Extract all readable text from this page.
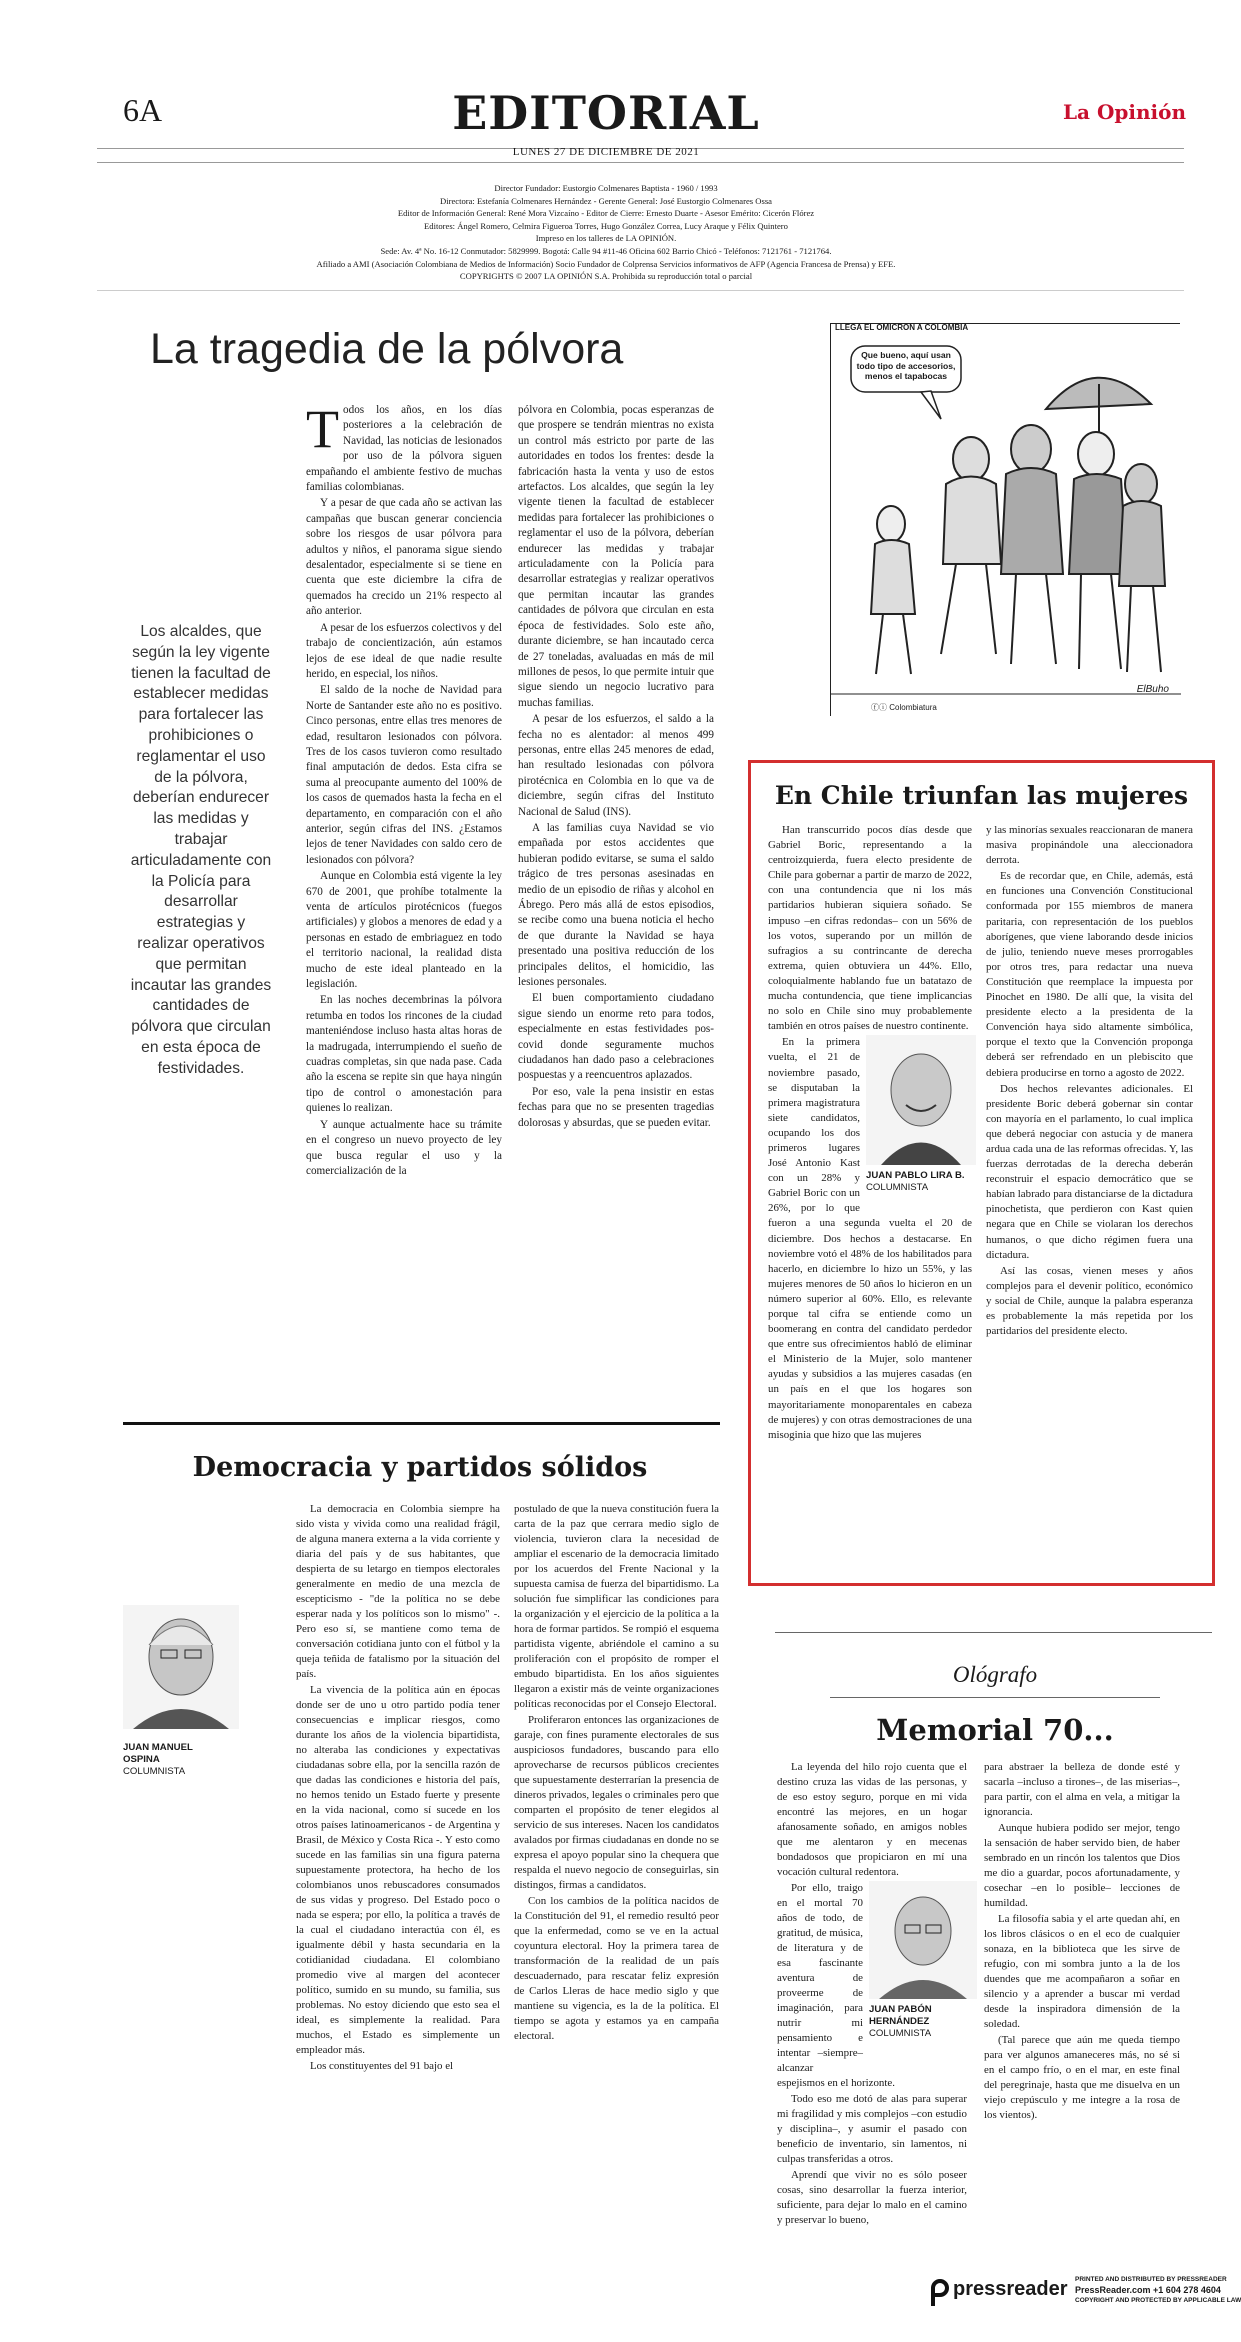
6A	EDITORIAL	La Opinión
LUNES 27 DE DICIEMBRE DE 2021
Director Fundador: Eustorgio Colmenares Baptista - 1960 / 1993
Directora: Estefanía Colmenares Hernández - Gerente General: José Eustorgio Colmenares Ossa
Editor de Información General: René Mora Vizcaíno - Editor de Cierre: Ernesto Duarte - Asesor Emérito: Cicerón Flórez
Editores: Ángel Romero, Celmira Figueroa Torres, Hugo González Correa, Lucy Araque y Félix Quintero
Impreso en los talleres de LA OPINIÓN.
Sede: Av. 4ª No. 16-12 Conmutador: 5829999. Bogotá: Calle 94 #11-46 Oficina 602 Barrio Chicó - Teléfonos: 7121761 - 7121764.
Afiliado a AMI (Asociación Colombiana de Medios de Información) Socio Fundador de Colprensa Servicios informativos de AFP (Agencia Francesa de Prensa) y EFE.
COPYRIGHTS © 2007 LA OPINIÓN S.A. Prohibida su reproducción total o parcial
La tragedia de la pólvora
Los alcaldes, que según la ley vigente tienen la facultad de establecer medidas para fortalecer las prohibiciones o reglamentar el uso de la pólvora, deberían endurecer las medidas y trabajar articuladamente con la Policía para desarrollar estrategias y realizar operativos que permitan incautar las grandes cantidades de pólvora que circulan en esta época de festividades.

Todos los años, en los días posteriores a la celebración de Navidad, las noticias de lesionados por uso de la pólvora siguen empañando el ambiente festivo de muchas familias colombianas.

Y a pesar de que cada año se activan las campañas que buscan generar conciencia sobre los riesgos de usar pólvora para adultos y niños, el panorama sigue siendo desalentador, especialmente si se tiene en cuenta que este diciembre la cifra de quemados ha crecido un 21% respecto al año anterior.

A pesar de los esfuerzos colectivos y del trabajo de concientización, aún estamos lejos de ese ideal de que nadie resulte herido, en especial, los niños.

El saldo de la noche de Navidad para Norte de Santander este año no es positivo. Cinco personas, entre ellas tres menores de edad, resultaron lesionados con pólvora. Tres de los casos tuvieron como resultado final amputación de dedos. Esta cifra se suma al preocupante aumento del 100% de los casos de quemados hasta la fecha en el departamento, en comparación con el año anterior, según cifras del INS. ¿Estamos lejos de tener Navidades con saldo cero de lesionados con pólvora?

Aunque en Colombia está vigente la ley 670 de 2001, que prohíbe totalmente la venta de artículos pirotécnicos (fuegos artificiales) y globos a menores de edad y a personas en estado de embriaguez en todo el territorio nacional, la realidad dista mucho de este ideal planteado en la legislación.

En las noches decembrinas la pólvora retumba en todos los rincones de la ciudad manteniéndose incluso hasta altas horas de la madrugada, interrumpiendo el sueño de cuadras completas, sin que nada pase. Cada año la escena se repite sin que haya ningún tipo de control o amonestación para quienes lo realizan.

Y aunque actualmente hace su trámite en el congreso un nuevo proyecto de ley que busca regular el uso y la comercialización de la

pólvora en Colombia, pocas esperanzas de que prospere se tendrán mientras no exista un control más estricto por parte de las autoridades en todos los frentes: desde la fabricación hasta la venta y uso de estos artefactos. Los alcaldes, que según la ley vigente tienen la facultad de establecer medidas para fortalecer las prohibiciones o reglamentar el uso de la pólvora, deberían endurecer las medidas y trabajar articuladamente con la Policía para desarrollar estrategias y realizar operativos que permitan incautar las grandes cantidades de pólvora que circulan en esta época de festividades. Solo este año, durante diciembre, se han incautado cerca de 27 toneladas, avaluadas en más de mil millones de pesos, lo que permite intuir que sigue siendo un negocio lucrativo para muchas familias.

A pesar de los esfuerzos, el saldo a la fecha no es alentador: al menos 499 personas, entre ellas 245 menores de edad, han resultado lesionadas con pólvora pirotécnica en Colombia en lo que va de diciembre, según cifras del Instituto Nacional de Salud (INS).

A las familias cuya Navidad se vio empañada por estos accidentes que hubieran podido evitarse, se suma el saldo trágico de tres personas asesinadas en medio de un episodio de riñas y alcohol en Ábrego. Pero más allá de estos episodios, se recibe como una buena noticia el hecho de que durante la Navidad se haya presentado una positiva reducción de los principales delitos, el homicidio, las lesiones personales.

El buen comportamiento ciudadano sigue siendo un enorme reto para todos, especialmente en estas festividades pos-covid donde seguramente muchos ciudadanos han dado paso a celebraciones pospuestas y a reencuentros aplazados.

Por eso, vale la pena insistir en estas fechas para que no se presenten tragedias dolorosas y absurdas, que se pueden evitar.

LLEGA EL OMICRON A COLOMBIA
Que bueno, aquí usan todo tipo de accesorios, menos el tapabocas
ElBuho
ⓕⓘ Colombiatura
En Chile triunfan las mujeres

Han transcurrido pocos días desde que Gabriel Boric, representando a la centroizquierda, fuera electo presidente de Chile para gobernar a partir de marzo de 2022, con una contundencia que ni los más partidarios hubieran siquiera soñado. Se impuso –en cifras redondas– con un 56% de los votos, superando por un millón de sufragios a su contrincante de derecha extrema, quien obtuviera un 44%. Ello, coloquialmente hablando fue un batatazo de mucha contundencia, que tiene implicancias no solo en Chile sino muy probablemente también en otros países de nuestro continente.

JUAN PABLO LIRA B.
COLUMNISTA

En la primera vuelta, el 21 de noviembre pasado, se disputaban la primera magistratura siete candidatos, ocupando los dos primeros lugares José Antonio Kast con un 28% y Gabriel Boric con un 26%, por lo que fueron a una segunda vuelta el 20 de diciembre. Dos hechos a destacarse. En noviembre votó el 48% de los habilitados para hacerlo, en diciembre lo hizo un 55%, y las mujeres menores de 50 años lo hicieron en un número superior al 60%. Ello, es relevante porque tal cifra se entiende como un boomerang en contra del candidato perdedor que entre sus ofrecimientos habló de eliminar el Ministerio de la Mujer, solo mantener ayudas y subsidios a las mujeres casadas (en un país en el que los hogares son mayoritariamente monoparentales en cabeza de mujeres) y con otras demostraciones de una misoginia que hizo que las mujeres

y las minorías sexuales reaccionaran de manera masiva propinándole una aleccionadora derrota.

Es de recordar que, en Chile, además, está en funciones una Convención Constitucional conformada por 155 miembros de manera paritaria, con representación de los pueblos aborígenes, que viene laborando desde inicios de julio, teniendo nueve meses prorrogables por otros tres, para redactar una nueva Constitución que reemplace la impuesta por Pinochet en 1980. De allí que, la visita del presidente electo a la presidenta de la Convención haya sido altamente simbólica, porque el texto que la Convención proponga deberá ser refrendado en un plebiscito que debiera producirse en torno a agosto de 2022.

Dos hechos relevantes adicionales. El presidente Boric deberá gobernar sin contar con mayoría en el parlamento, lo cual implica que deberá negociar con astucia y de manera ardua cada una de las reformas ofrecidas. Y, las fuerzas derrotadas de la derecha deberán reconstruir el espacio democrático que se habían labrado para distanciarse de la dictadura pinochetista, que perdieron con Kast quien negara que en Chile se violaran los derechos humanos, o que dicho régimen fuera una dictadura.

Así las cosas, vienen meses y años complejos para el devenir político, económico y social de Chile, aunque la palabra esperanza es probablemente la más repetida por los partidarios del presidente electo.

Democracia y partidos sólidos
JUAN MANUEL
OSPINA
COLUMNISTA

La democracia en Colombia siempre ha sido vista y vivida como una realidad frágil, de alguna manera externa a la vida corriente y diaria del país y de sus habitantes, que despierta de su letargo en tiempos electorales generalmente en medio de una mezcla de escepticismo - "de la política no se debe esperar nada y los políticos son lo mismo" -. Pero eso sí, se mantiene como tema de conversación cotidiana junto con el fútbol y la queja teñida de fatalismo por la situación del país.

La vivencia de la política aún en épocas donde ser de uno u otro partido podía tener consecuencias e implicar riesgos, como durante los años de la violencia bipartidista, no alteraba las condiciones y expectativas ciudadanas sobre ella, por la sencilla razón de que dadas las condiciones e historia del país, no hemos tenido un Estado fuerte y presente en la vida nacional, como sí sucede en los otros países latinoamericanos - de Argentina y Brasil, de México y Costa Rica -. Y esto como sucede en las familias sin una figura paterna supuestamente protectora, ha hecho de los colombianos unos rebuscadores consumados de sus vidas y progreso. Del Estado poco o nada se espera; por ello, la política a través de la cual el ciudadano interactúa con él, es igualmente débil y hasta secundaria en la cotidianidad ciudadana. El colombiano promedio vive al margen del acontecer político, sumido en su mundo, su familia, sus problemas. No estoy diciendo que esto sea el ideal, es simplemente la realidad. Para muchos, el Estado es simplemente un empleador más.

Los constituyentes del 91 bajo el

postulado de que la nueva constitución fuera la carta de la paz que cerrara medio siglo de violencia, tuvieron clara la necesidad de ampliar el escenario de la democracia limitado por los acuerdos del Frente Nacional y la supuesta camisa de fuerza del bipartidismo. La solución fue simplificar las condiciones para la organización y el ejercicio de la política a la hora de formar partidos. Se rompió el esquema partidista vigente, abriéndole el camino a su proliferación con el propósito de romper el embudo bipartidista. En los años siguientes llegaron a existir más de veinte organizaciones políticas reconocidas por el Consejo Electoral.

Proliferaron entonces las organizaciones de garaje, con fines puramente electorales de sus auspiciosos fundadores, buscando para ello aprovecharse de recursos públicos crecientes que supuestamente desterrarían la presencia de dineros privados, legales o criminales pero que comparten el propósito de tener elegidos al servicio de sus intereses. Nacen los candidatos avalados por firmas ciudadanas en donde no se expresa el apoyo popular sino la chequera que respalda el nuevo negocio de conseguirlas, sin distingos, firmas a candidatos.

Con los cambios de la política nacidos de la Constitución del 91, el remedio resultó peor que la enfermedad, como se ve en la actual coyuntura electoral. Hoy la primera tarea de transformación de la realidad de un país descuadernado, para rescatar feliz expresión de Carlos Lleras de hace medio siglo y que mantiene su vigencia, es la de la política. El tiempo se agota y estamos ya en campaña electoral.

Ológrafo
Memorial 70...

La leyenda del hilo rojo cuenta que el destino cruza las vidas de las personas, y de eso estoy seguro, porque en mi vida encontré las mejores, en un hogar afanosamente soñado, en amigos nobles que me alentaron y en mecenas bondadosos que propiciaron en mí una vocación cultural redentora.

JUAN PABÓN
HERNÁNDEZ
COLUMNISTA

Por ello, traigo en el mortal 70 años de todo, de gratitud, de música, de literatura y de esa fascinante aventura de proveerme de imaginación, para nutrir mi pensamiento e intentar –siempre– alcanzar espejismos en el horizonte.

Todo eso me dotó de alas para superar mi fragilidad y mis complejos –con estudio y disciplina–, y asumir el pasado con beneficio de inventario, sin lamentos, ni culpas transferidas a otros.

Aprendí que vivir no es sólo poseer cosas, sino desarrollar la fuerza interior, suficiente, para dejar lo malo en el camino y preservar lo bueno,

para abstraer la belleza de donde esté y sacarla –incluso a tirones–, de las miserias–, para partir, con el alma en vela, a mitigar la ignorancia.

Aunque hubiera podido ser mejor, tengo la sensación de haber servido bien, de haber sembrado en un rincón los talentos que Dios me dio a guardar, pocos afortunadamente, y cosechar –en lo posible– lecciones de humildad.

La filosofía sabia y el arte quedan ahí, en los libros clásicos o en el eco de cualquier sonaza, en la biblioteca que les sirve de refugio, con mi sombra junto a la de los duendes que me acompañaron a soñar en silencio y a aprender a buscar mi verdad desde la inspiradora dimensión de la soledad.

(Tal parece que aún me queda tiempo para ver algunos amaneceres más, no sé si en el campo frío, o en el mar, en este final del peregrinaje, hasta que me disuelva en un viejo crepúsculo y me integre a la rosa de los vientos).

pressreader PRINTED AND DISTRIBUTED BY PRESSREADER
PressReader.com +1 604 278 4604
COPYRIGHT AND PROTECTED BY APPLICABLE LAW
